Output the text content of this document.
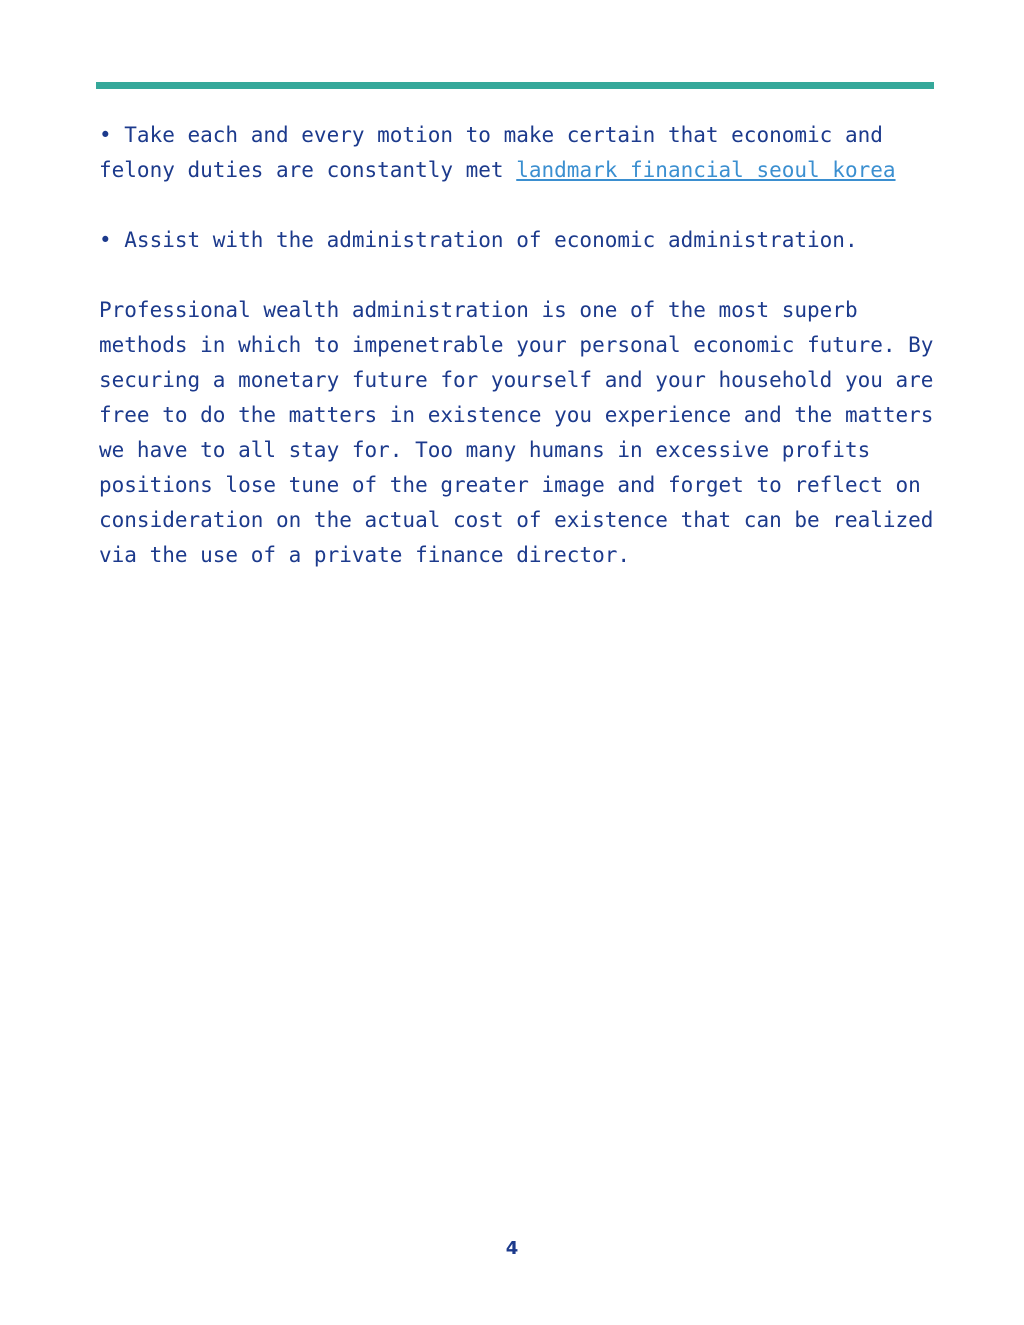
• Take each and every motion to make certain that economic and felony duties are constantly met landmark financial seoul korea

• Assist with the administration of economic administration.

Professional wealth administration is one of the most superb methods in which to impenetrable your personal economic future. By securing a monetary future for yourself and your household you are free to do the matters in existence you experience and the matters we have to all stay for. Too many humans in excessive profits positions lose tune of the greater image and forget to reflect on consideration on the actual cost of existence that can be realized via the use of a private finance director.

4
